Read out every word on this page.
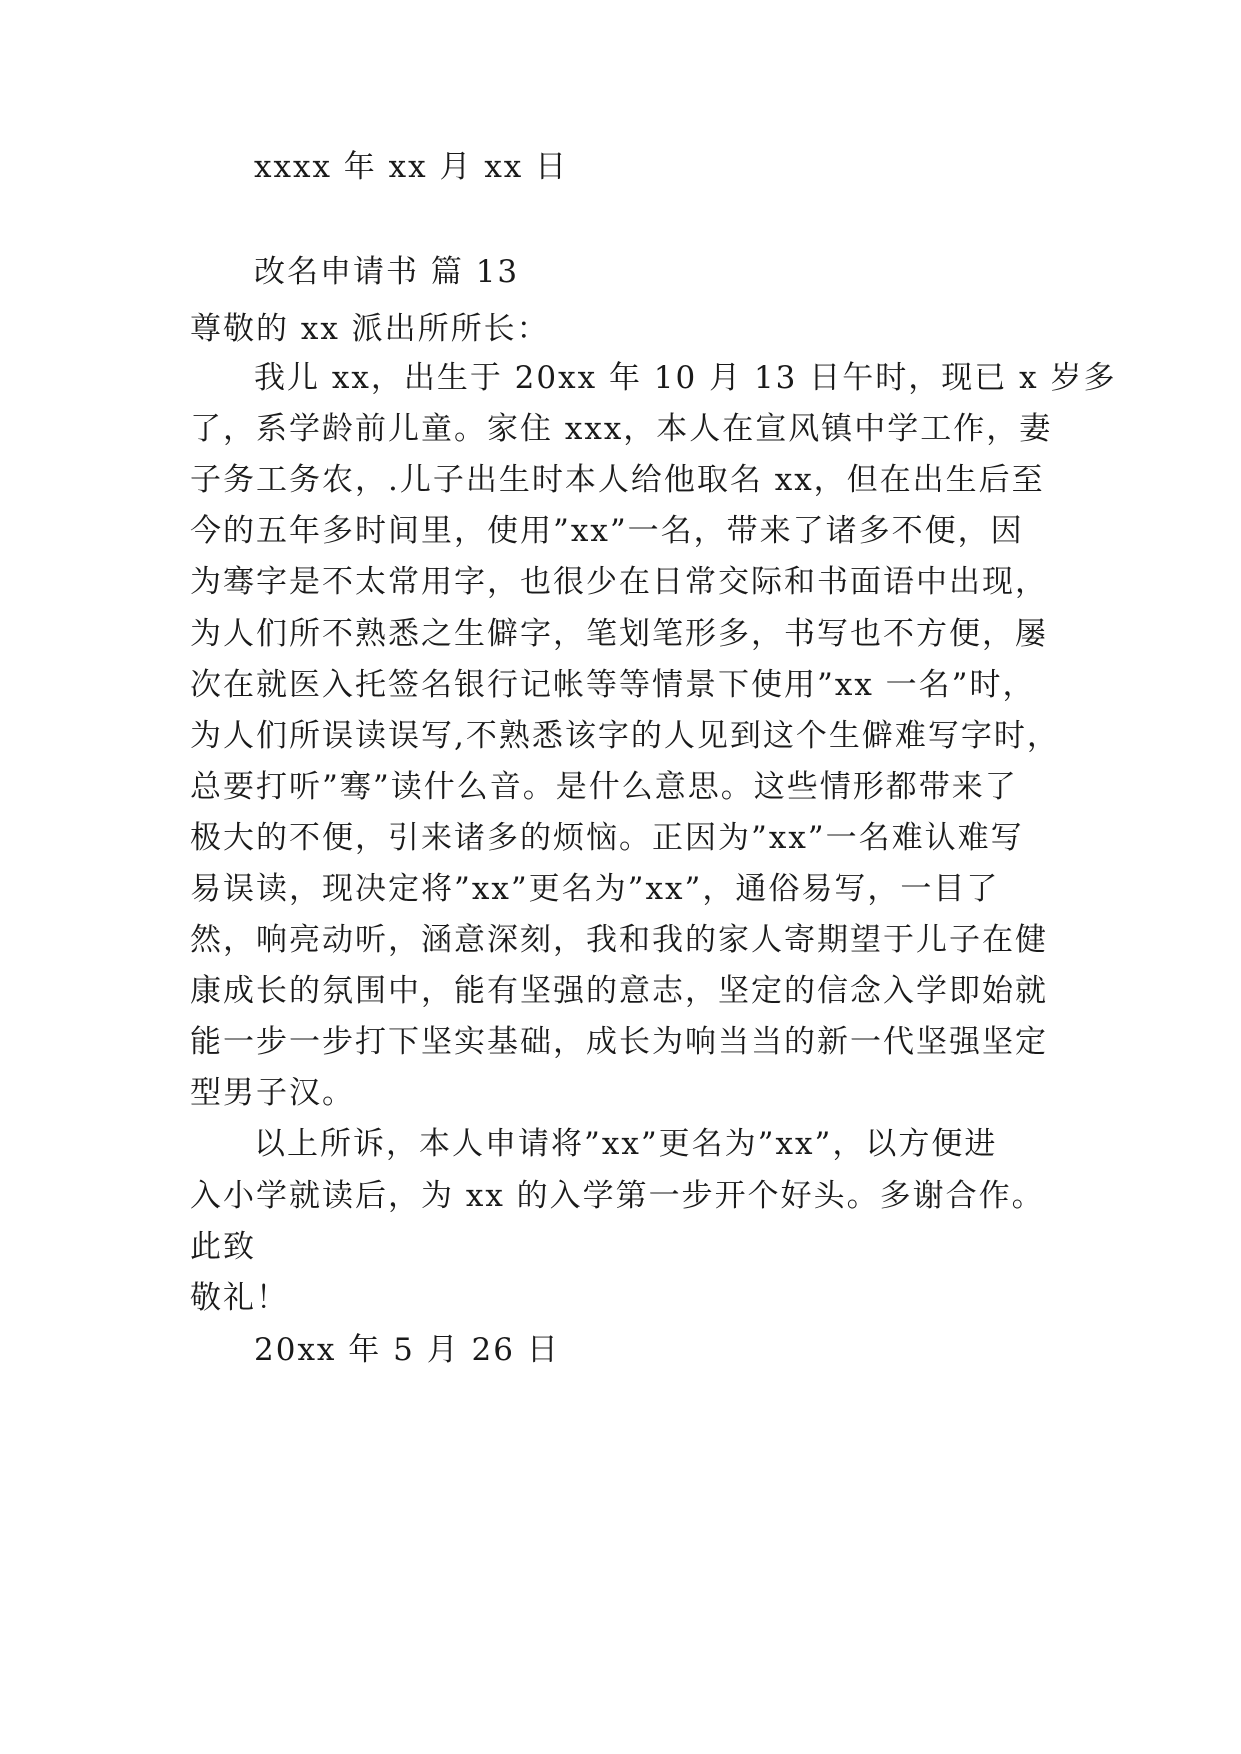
xxxx 年 xx 月 xx 日
改名申请书 篇 13
尊敬的 xx 派出所所长：
我儿 xx，出生于 20xx 年 10 月 13 日午时，现已 x 岁多
了，系学龄前儿童。家住 xxx，本人在宣风镇中学工作，妻
子务工务农，.儿子出生时本人给他取名 xx，但在出生后至
今的五年多时间里，使用”xx”一名，带来了诸多不便，因
为骞字是不太常用字，也很少在日常交际和书面语中出现，
为人们所不熟悉之生僻字，笔划笔形多，书写也不方便，屡
次在就医入托签名银行记帐等等情景下使用”xx 一名”时，
为人们所误读误写,不熟悉该字的人见到这个生僻难写字时，
总要打听”骞”读什么音。是什么意思。这些情形都带来了
极大的不便，引来诸多的烦恼。正因为”xx”一名难认难写
易误读，现决定将”xx”更名为”xx”，通俗易写，一目了
然，响亮动听，涵意深刻，我和我的家人寄期望于儿子在健
康成长的氛围中，能有坚强的意志，坚定的信念入学即始就
能一步一步打下坚实基础，成长为响当当的新一代坚强坚定
型男子汉。
以上所诉，本人申请将”xx”更名为”xx”，以方便进
入小学就读后，为 xx 的入学第一步开个好头。多谢合作。
此致
敬礼！
20xx 年 5 月 26 日
